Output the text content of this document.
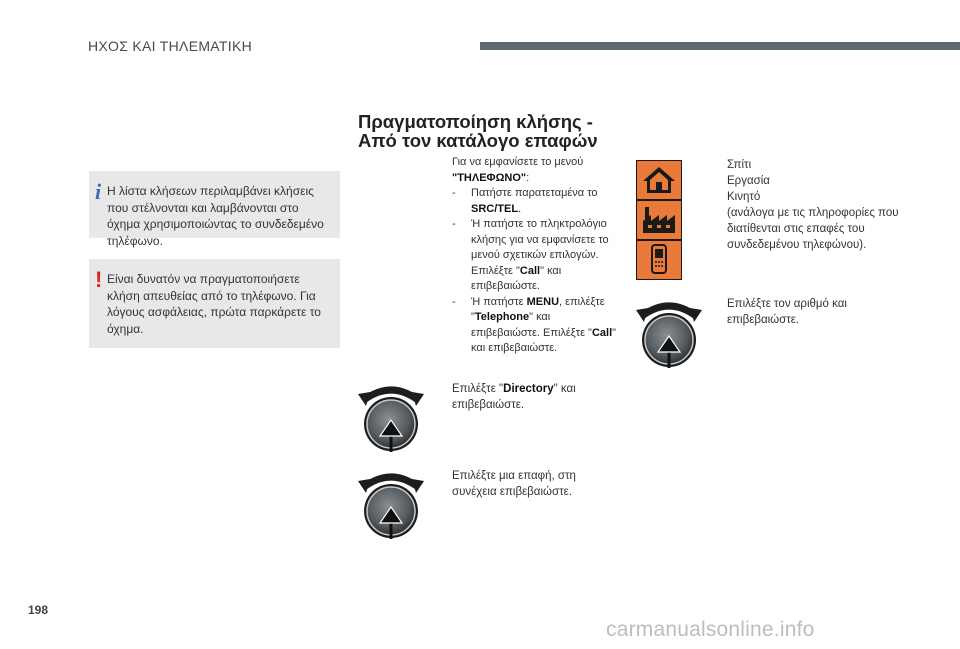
ΗΧΟΣ ΚΑΙ ΤΗΛΕΜΑΤΙΚΗ
i Η λίστα κλήσεων περιλαμβάνει κλήσεις που στέλνονται και λαμβάνονται στο όχημα χρησιμοποιώντας το συνδεδεμένο τηλέφωνο.
! Είναι δυνατόν να πραγματοποιήσετε κλήση απευθείας από το τηλέφωνο. Για λόγους ασφάλειας, πρώτα παρκάρετε το όχημα.
Πραγματοποίηση κλήσης -
Από τον κατάλογο επαφών
Για να εμφανίσετε το μενού
"ΤΗΛΕΦΩΝΟ":
-	Πατήστε παρατεταμένα το SRC/TEL.
-	Ή πατήστε το πληκτρολόγιο κλήσης για να εμφανίσετε το μενού σχετικών επιλογών. Επιλέξτε "Call" και επιβεβαιώστε.
-	Ή πατήστε MENU, επιλέξτε "Telephone" και επιβεβαιώστε. Επιλέξτε "Call" και επιβεβαιώστε.
Επιλέξτε "Directory" και επιβεβαιώστε.
Επιλέξτε μια επαφή, στη συνέχεια επιβεβαιώστε.
Σπίτι
Εργασία
Κινητό
(ανάλογα με τις πληροφορίες που διατίθενται στις επαφές του συνδεδεμένου τηλεφώνου).
Επιλέξτε τον αριθμό και επιβεβαιώστε.
198
carmanualsonline.info
